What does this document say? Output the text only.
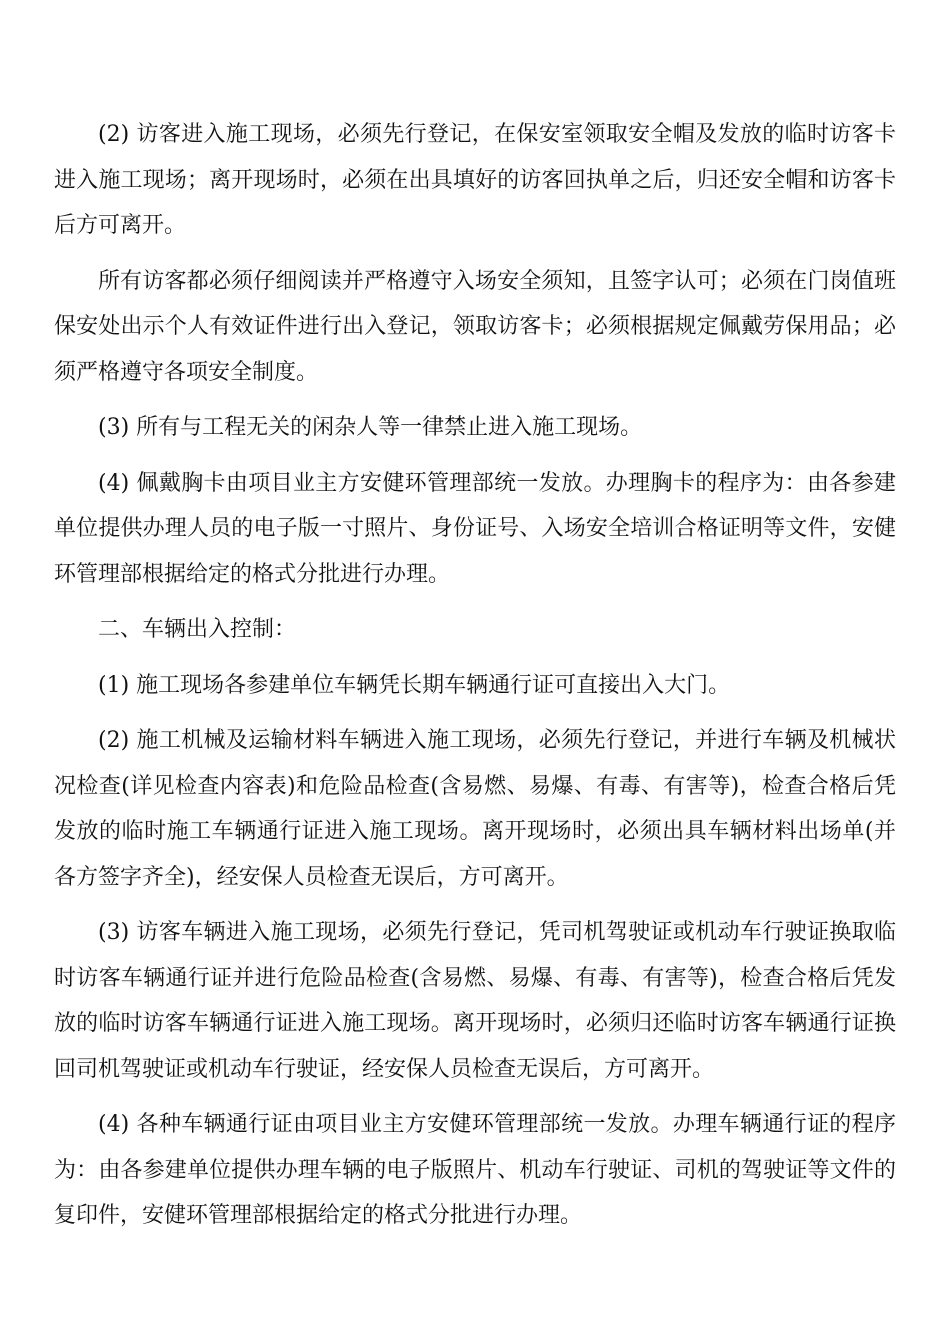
(2) 访客进入施工现场，必须先行登记，在保安室领取安全帽及发放的临时访客卡进入施工现场；离开现场时，必须在出具填好的访客回执单之后，归还安全帽和访客卡后方可离开。

所有访客都必须仔细阅读并严格遵守入场安全须知，且签字认可；必须在门岗值班保安处出示个人有效证件进行出入登记，领取访客卡；必须根据规定佩戴劳保用品；必须严格遵守各项安全制度。

(3) 所有与工程无关的闲杂人等一律禁止进入施工现场。

(4) 佩戴胸卡由项目业主方安健环管理部统一发放。办理胸卡的程序为：由各参建单位提供办理人员的电子版一寸照片、身份证号、入场安全培训合格证明等文件，安健环管理部根据给定的格式分批进行办理。

二、车辆出入控制：

(1) 施工现场各参建单位车辆凭长期车辆通行证可直接出入大门。

(2) 施工机械及运输材料车辆进入施工现场，必须先行登记，并进行车辆及机械状况检查(详见检查内容表)和危险品检查(含易燃、易爆、有毒、有害等)，检查合格后凭发放的临时施工车辆通行证进入施工现场。离开现场时，必须出具车辆材料出场单(并各方签字齐全)，经安保人员检查无误后，方可离开。

(3) 访客车辆进入施工现场，必须先行登记，凭司机驾驶证或机动车行驶证换取临时访客车辆通行证并进行危险品检查(含易燃、易爆、有毒、有害等)，检查合格后凭发放的临时访客车辆通行证进入施工现场。离开现场时，必须归还临时访客车辆通行证换回司机驾驶证或机动车行驶证，经安保人员检查无误后，方可离开。

(4) 各种车辆通行证由项目业主方安健环管理部统一发放。办理车辆通行证的程序为：由各参建单位提供办理车辆的电子版照片、机动车行驶证、司机的驾驶证等文件的复印件，安健环管理部根据给定的格式分批进行办理。
